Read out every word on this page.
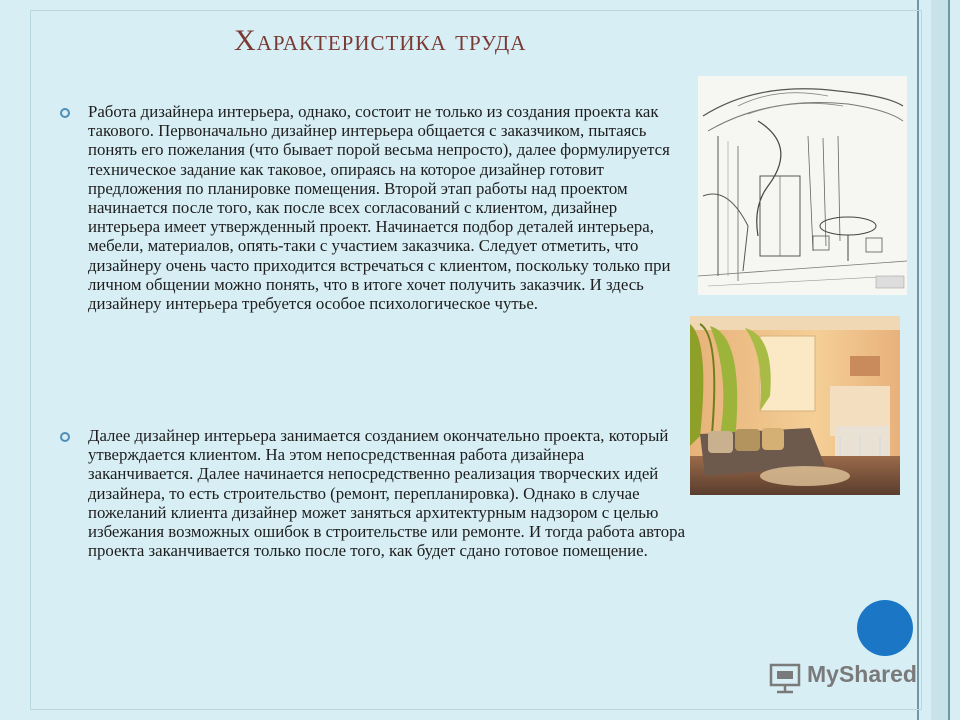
Характеристика труда
Работа дизайнера интерьера, однако, состоит не только из создания проекта как такового. Первоначально дизайнер интерьера общается с заказчиком, пытаясь понять его пожелания (что бывает порой весьма непросто), далее формулируется техническое задание как таковое, опираясь на которое дизайнер готовит предложения по планировке помещения. Второй этап работы над проектом начинается после того, как после всех согласований с клиентом, дизайнер интерьера имеет утвержденный проект. Начинается подбор деталей интерьера, мебели, материалов, опять-таки с участием заказчика. Следует отметить, что дизайнеру очень часто приходится встречаться с клиентом, поскольку только при личном общении можно понять, что в итоге хочет получить заказчик. И здесь дизайнеру интерьера требуется особое психологическое чутье.
Далее дизайнер интерьера занимается созданием окончательно проекта, который утверждается клиентом. На этом непосредственная работа дизайнера заканчивается. Далее начинается непосредственно реализация творческих идей дизайнера, то есть строительство (ремонт, перепланировка). Однако в случае пожеланий клиента дизайнер может заняться архитектурным надзором с целью избежания возможных ошибок в строительстве или ремонте. И тогда работа автора проекта заканчивается только после того, как будет сдано готовое помещение.
MyShared
